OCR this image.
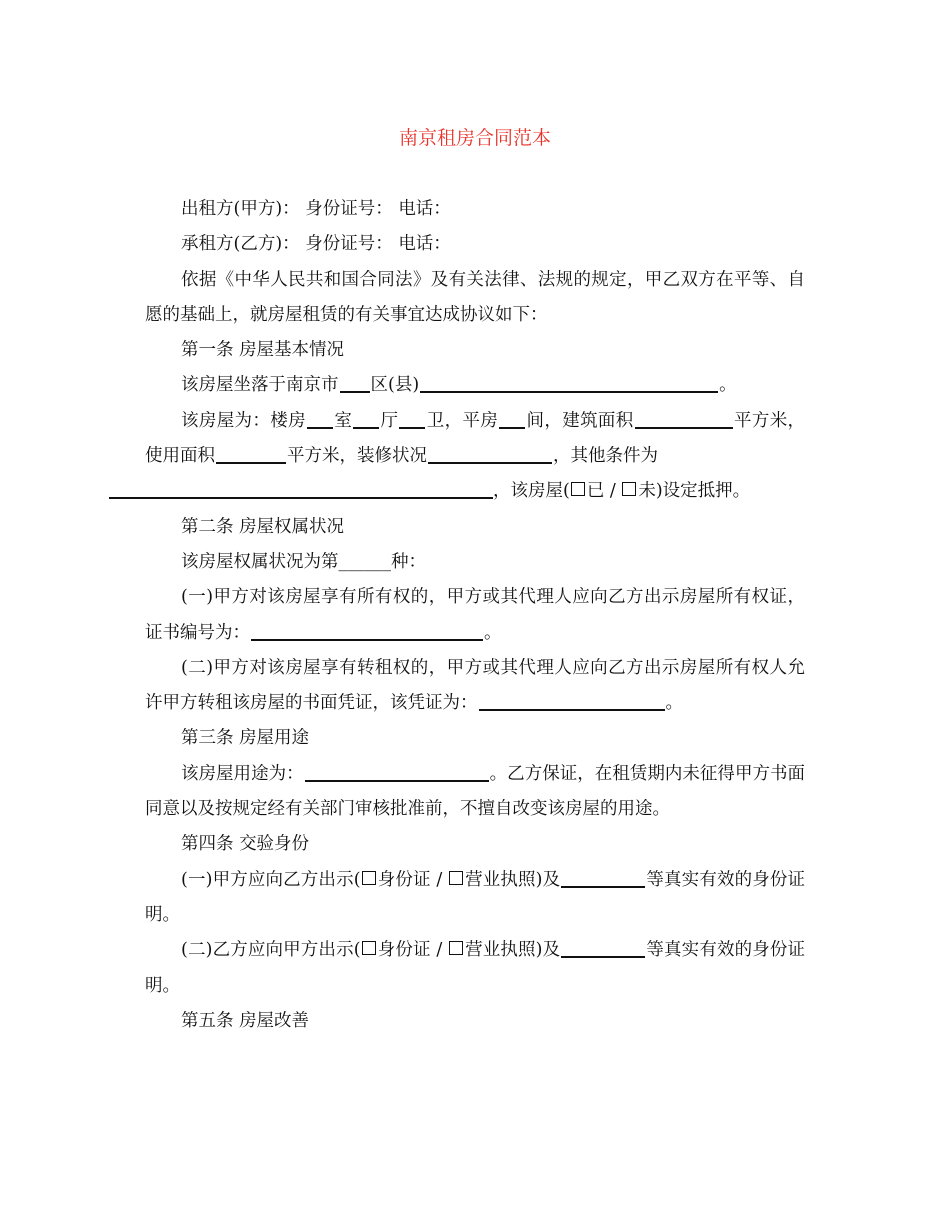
南京租房合同范本

出租方(甲方)： 身份证号： 电话：

承租方(乙方)： 身份证号： 电话：

依据《中华人民共和国合同法》及有关法律、法规的规定，甲乙双方在平等、自愿的基础上，就房屋租赁的有关事宜达成协议如下：

第一条 房屋基本情况

该房屋坐落于南京市 区(县)	。

该房屋为：楼房 室 厅 卫，平房 间，建筑面积	平方米，使用面积	平方米，装修状况	，其他条件为
，该房屋( 已 / 未)设定抵押。

第二条 房屋权属状况

该房屋权属状况为第______种：

(一)甲方对该房屋享有所有权的，甲方或其代理人应向乙方出示房屋所有权证，证书编号为：	。

(二)甲方对该房屋享有转租权的，甲方或其代理人应向乙方出示房屋所有权人允许甲方转租该房屋的书面凭证，该凭证为：	。

第三条 房屋用途

该房屋用途为：	。乙方保证，在租赁期内未征得甲方书面同意以及按规定经有关部门审核批准前，不擅自改变该房屋的用途。

第四条 交验身份

(一)甲方应向乙方出示( 身份证 / 营业执照)及	等真实有效的身份证明。

(二)乙方应向甲方出示( 身份证 / 营业执照)及	等真实有效的身份证明。

第五条 房屋改善
